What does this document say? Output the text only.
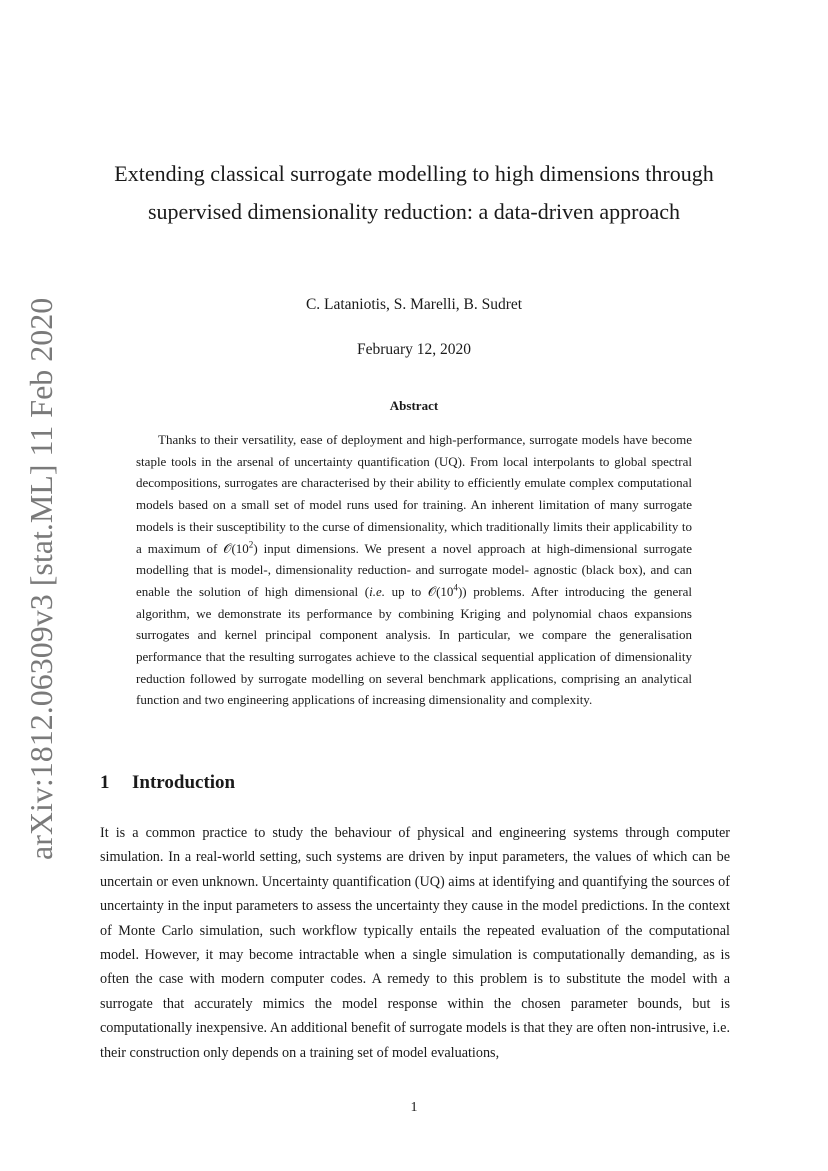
arXiv:1812.06309v3 [stat.ML] 11 Feb 2020
Extending classical surrogate modelling to high dimensions through supervised dimensionality reduction: a data-driven approach
C. Lataniotis, S. Marelli, B. Sudret
February 12, 2020
Abstract
Thanks to their versatility, ease of deployment and high-performance, surrogate models have become staple tools in the arsenal of uncertainty quantification (UQ). From local interpolants to global spectral decompositions, surrogates are characterised by their ability to efficiently emulate complex computational models based on a small set of model runs used for training. An inherent limitation of many surrogate models is their susceptibility to the curse of dimensionality, which traditionally limits their applicability to a maximum of $𝒪(10^2)$ input dimensions. We present a novel approach at high-dimensional surrogate modelling that is model-, dimensionality reduction- and surrogate model- agnostic (black box), and can enable the solution of high dimensional (i.e. up to $𝒪(10^4)$) problems. After introducing the general algorithm, we demonstrate its performance by combining Kriging and polynomial chaos expansions surrogates and kernel principal component analysis. In particular, we compare the generalisation performance that the resulting surrogates achieve to the classical sequential application of dimensionality reduction followed by surrogate modelling on several benchmark applications, comprising an analytical function and two engineering applications of increasing dimensionality and complexity.
1 Introduction
It is a common practice to study the behaviour of physical and engineering systems through computer simulation. In a real-world setting, such systems are driven by input parameters, the values of which can be uncertain or even unknown. Uncertainty quantification (UQ) aims at identifying and quantifying the sources of uncertainty in the input parameters to assess the uncertainty they cause in the model predictions. In the context of Monte Carlo simulation, such workflow typically entails the repeated evaluation of the computational model. However, it may become intractable when a single simulation is computationally demanding, as is often the case with modern computer codes. A remedy to this problem is to substitute the model with a surrogate that accurately mimics the model response within the chosen parameter bounds, but is computationally inexpensive. An additional benefit of surrogate models is that they are often non-intrusive, i.e. their construction only depends on a training set of model evaluations,
1
